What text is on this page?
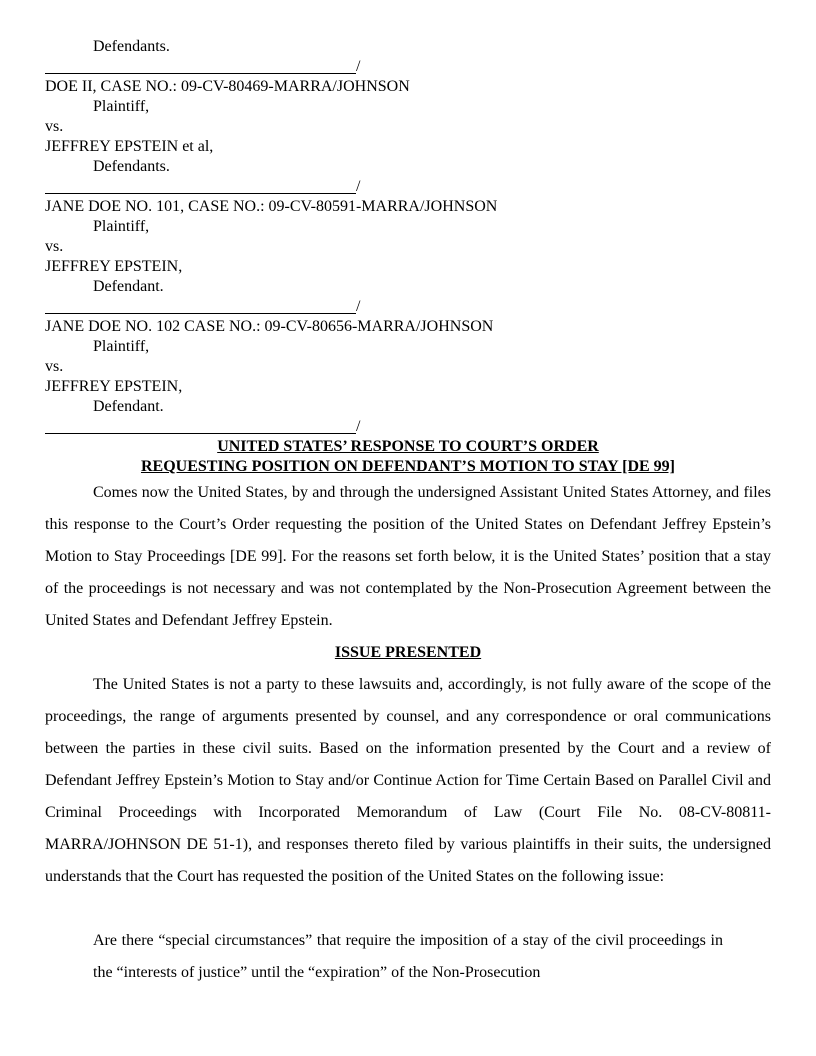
Defendants.
/
DOE II, CASE NO.: 09-CV-80469-MARRA/JOHNSON
Plaintiff,
vs.
JEFFREY EPSTEIN et al,
Defendants.
/
JANE DOE NO. 101, CASE NO.: 09-CV-80591-MARRA/JOHNSON
Plaintiff,
vs.
JEFFREY EPSTEIN,
Defendant.
/
JANE DOE NO. 102 CASE NO.: 09-CV-80656-MARRA/JOHNSON
Plaintiff,
vs.
JEFFREY EPSTEIN,
Defendant.
/
UNITED STATES’ RESPONSE TO COURT’S ORDER
REQUESTING POSITION ON DEFENDANT’S MOTION TO STAY [DE 99]

Comes now the United States, by and through the undersigned Assistant United States Attorney, and files this response to the Court’s Order requesting the position of the United States on Defendant Jeffrey Epstein’s Motion to Stay Proceedings [DE 99]. For the reasons set forth below, it is the United States’ position that a stay of the proceedings is not necessary and was not contemplated by the Non-Prosecution Agreement between the United States and Defendant Jeffrey Epstein.

ISSUE PRESENTED

The United States is not a party to these lawsuits and, accordingly, is not fully aware of the scope of the proceedings, the range of arguments presented by counsel, and any correspondence or oral communications between the parties in these civil suits. Based on the information presented by the Court and a review of Defendant Jeffrey Epstein’s Motion to Stay and/or Continue Action for Time Certain Based on Parallel Civil and Criminal Proceedings with Incorporated Memorandum of Law (Court File No. 08-CV-80811-MARRA/JOHNSON DE 51-1), and responses thereto filed by various plaintiffs in their suits, the undersigned understands that the Court has requested the position of the United States on the following issue:

Are there “special circumstances” that require the imposition of a stay of the civil proceedings in the “interests of justice” until the “expiration” of the Non-Prosecution
